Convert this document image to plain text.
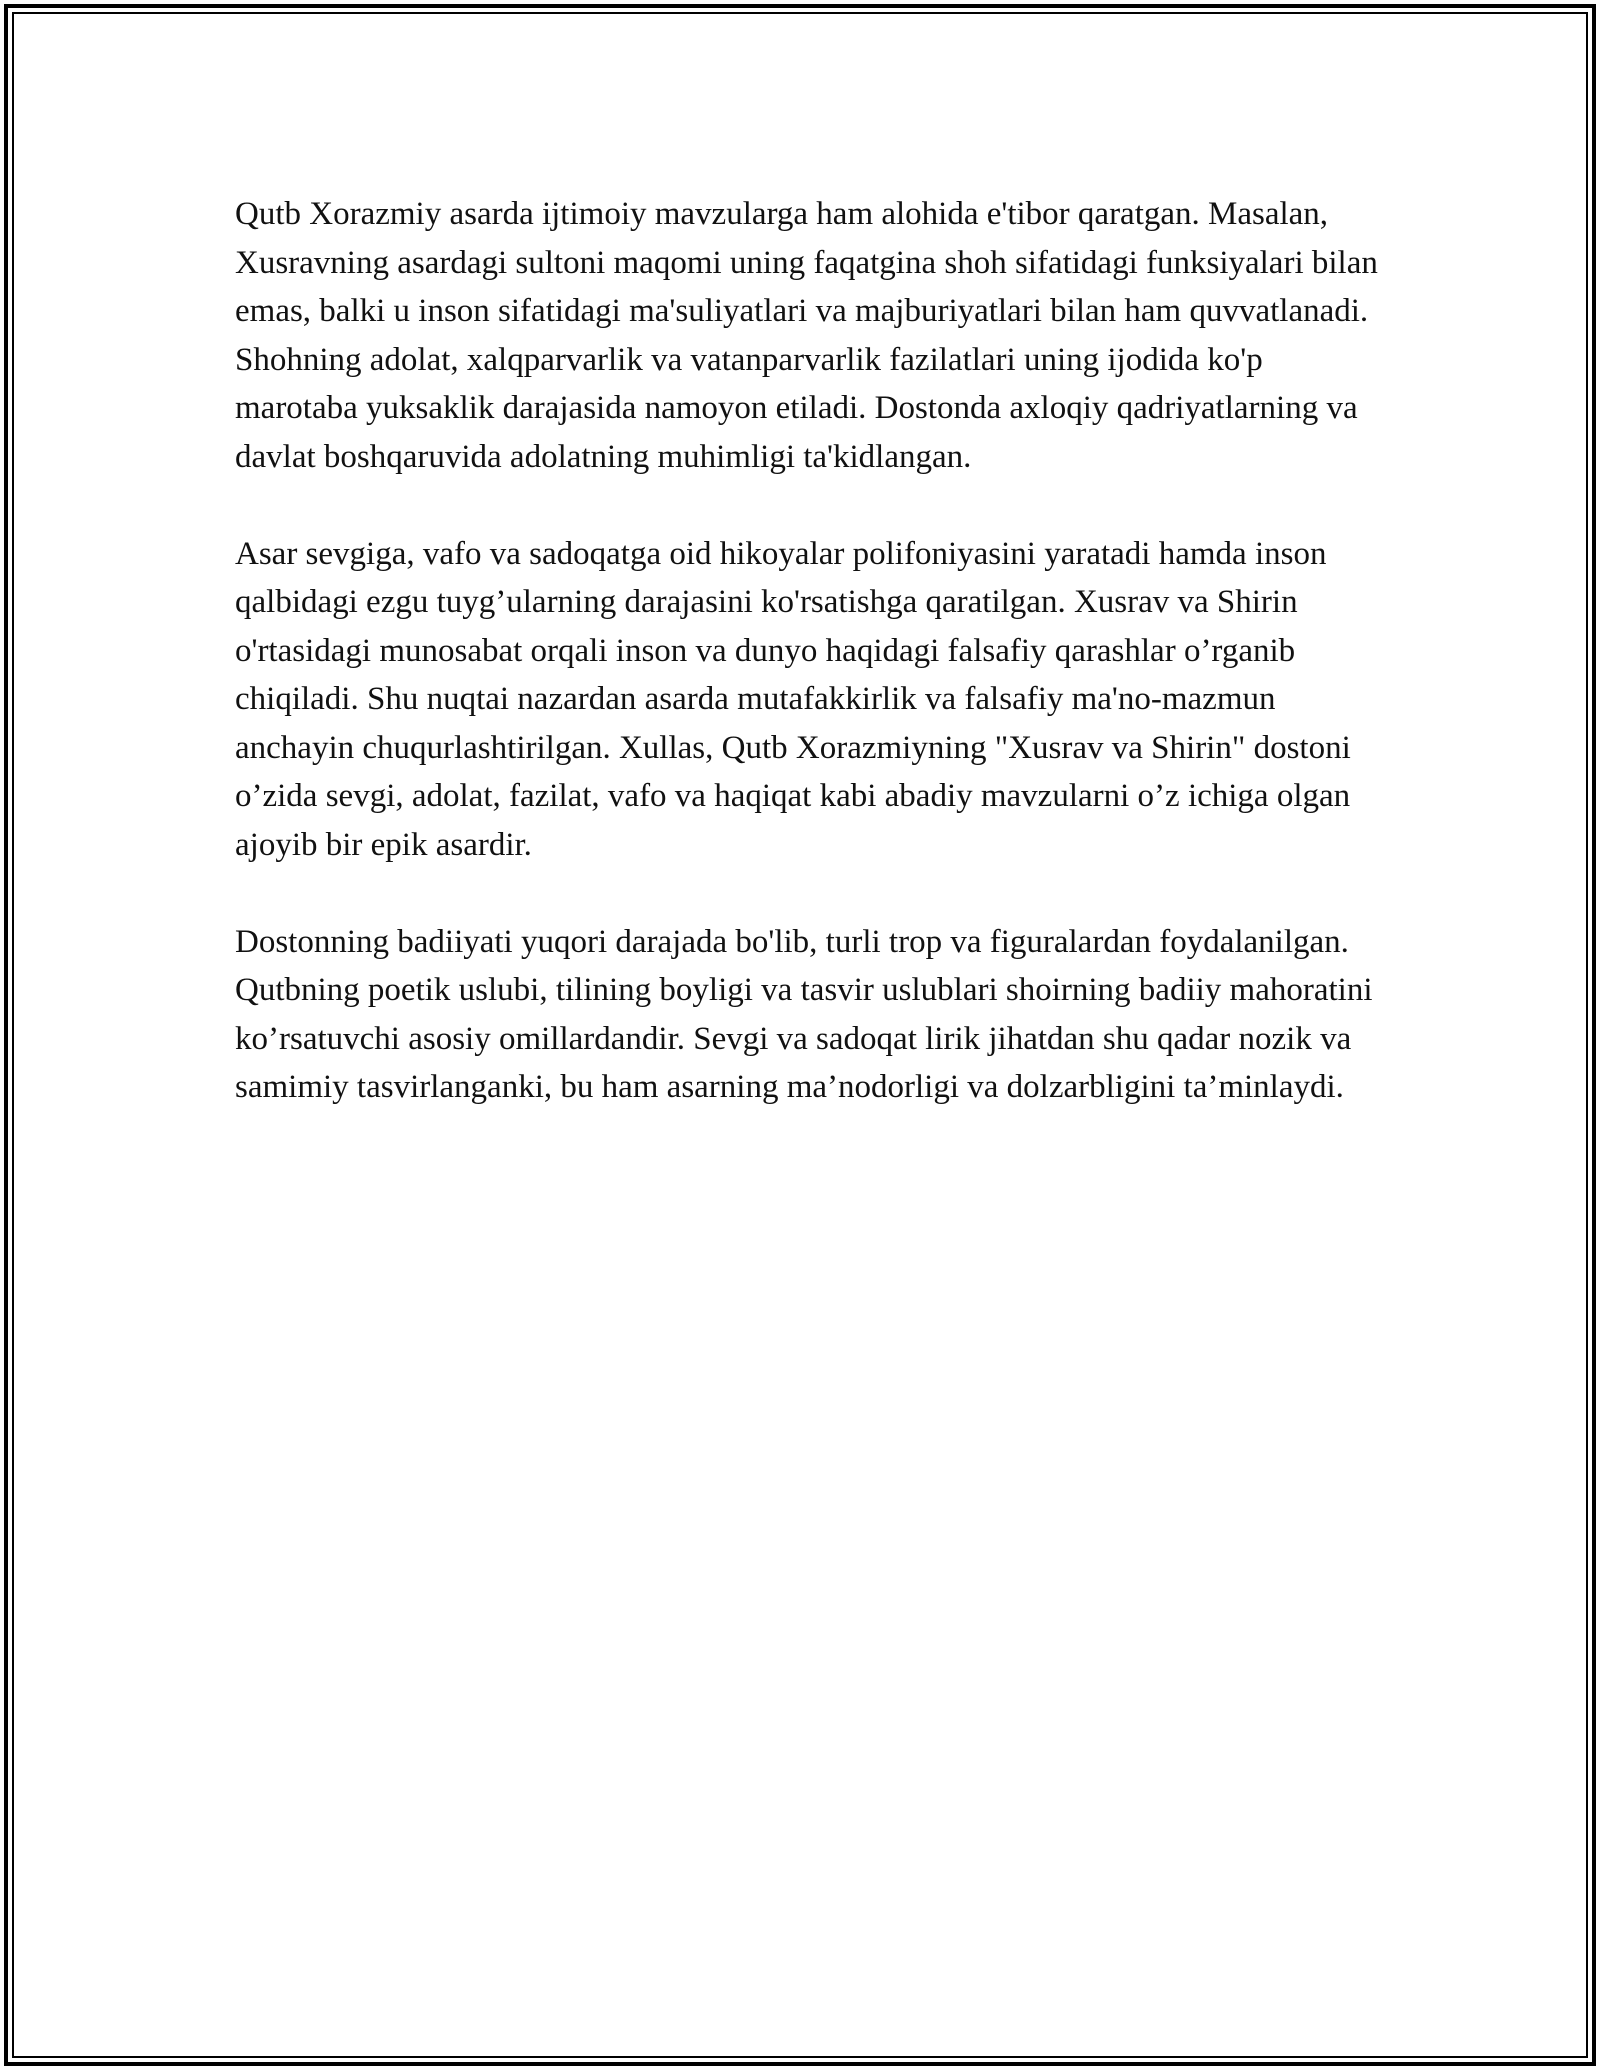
Qutb Xorazmiy asarda ijtimoiy mavzularga ham alohida e'tibor qaratgan. Masalan, Xusravning asardagi sultoni maqomi uning faqatgina shoh sifatidagi funksiyalari bilan emas, balki u inson sifatidagi ma'suliyatlari va majburiyatlari bilan ham quvvatlanadi. Shohning adolat, xalqparvarlik va vatanparvarlik fazilatlari uning ijodida ko'p marotaba yuksaklik darajasida namoyon etiladi. Dostonda axloqiy qadriyatlarning va davlat boshqaruvida adolatning muhimligi ta'kidlangan.

Asar sevgiga, vafo va sadoqatga oid hikoyalar polifoniyasini yaratadi hamda inson qalbidagi ezgu tuyg’ularning darajasini ko'rsatishga qaratilgan. Xusrav va Shirin o'rtasidagi munosabat orqali inson va dunyo haqidagi falsafiy qarashlar o’rganib chiqiladi. Shu nuqtai nazardan asarda mutafakkirlik va falsafiy ma'no-mazmun anchayin chuqurlashtirilgan. Xullas, Qutb Xorazmiyning "Xusrav va Shirin" dostoni o’zida sevgi, adolat, fazilat, vafo va haqiqat kabi abadiy mavzularni o’z ichiga olgan ajoyib bir epik asardir.

Dostonning badiiyati yuqori darajada bo'lib, turli trop va figuralardan foydalanilgan. Qutbning poetik uslubi, tilining boyligi va tasvir uslublari shoirning badiiy mahoratini ko’rsatuvchi asosiy omillardandir. Sevgi va sadoqat lirik jihatdan shu qadar nozik va samimiy tasvirlanganki, bu ham asarning ma’nodorligi va dolzarbligini ta’minlaydi.
